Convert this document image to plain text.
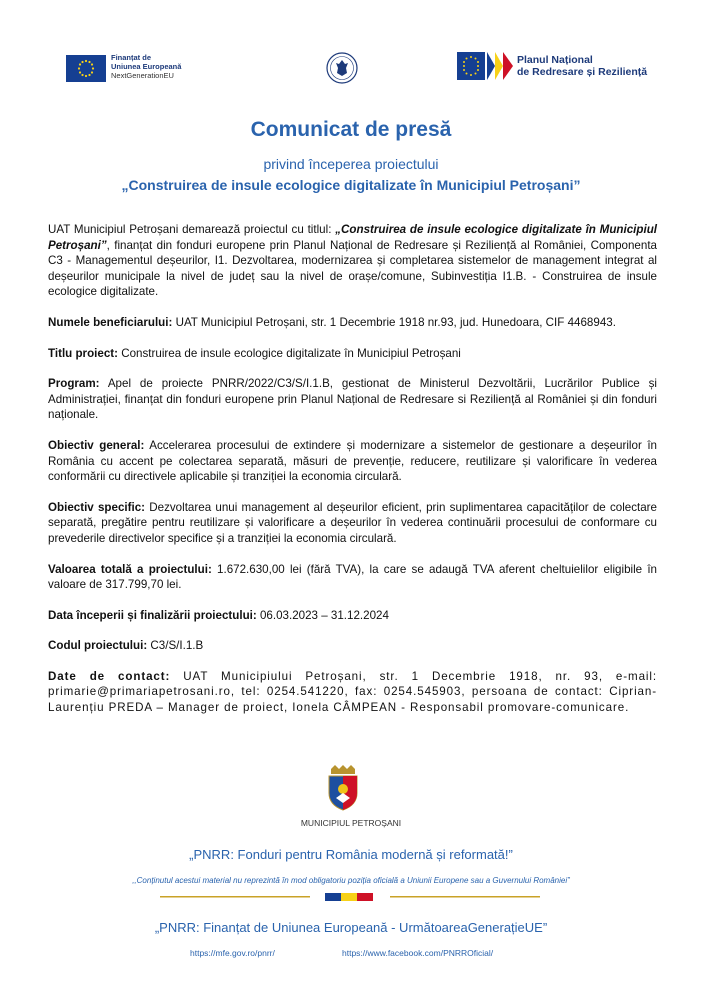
Finanțat de
Uniunea Europeană
NextGenerationEU
Planul Național
de Redresare și Reziliență
Comunicat de presă
privind începerea proiectului
„Construirea de insule ecologice digitalizate în Municipiul Petroșani”

UAT Municipiul Petroșani demarează proiectul cu titlul: „Construirea de insule ecologice digitalizate în Municipiul Petroșani”, finanțat din fonduri europene prin Planul Național de Redresare și Reziliență al României, Componenta C3 - Managementul deșeurilor, I1. Dezvoltarea, modernizarea și completarea sistemelor de management integrat al deșeurilor municipale la nivel de județ sau la nivel de orașe/comune, Subinvestiția I1.B. - Construirea de insule ecologice digitalizate.

Numele beneficiarului: UAT Municipiul Petroșani, str. 1 Decembrie 1918 nr.93, jud. Hunedoara, CIF 4468943.

Titlu proiect: Construirea de insule ecologice digitalizate în Municipiul Petroșani

Program: Apel de proiecte PNRR/2022/C3/S/I.1.B, gestionat de Ministerul Dezvoltării, Lucrărilor Publice și Administrației, finanțat din fonduri europene prin Planul Național de Redresare si Reziliență al României și din fonduri naționale.

Obiectiv general: Accelerarea procesului de extindere și modernizare a sistemelor de gestionare a deșeurilor în România cu accent pe colectarea separată, măsuri de prevenție, reducere, reutilizare și valorificare în vederea conformării cu directivele aplicabile și tranziției la economia circulară.

Obiectiv specific: Dezvoltarea unui management al deșeurilor eficient, prin suplimentarea capacităților de colectare separată, pregătire pentru reutilizare și valorificare a deșeurilor în vederea continuării procesului de conformare cu prevederile directivelor specifice și a tranziției la economia circulară.

Valoarea totală a proiectului: 1.672.630,00 lei (fără TVA), la care se adaugă TVA aferent cheltuielilor eligibile în valoare de 317.799,70 lei.

Data începerii și finalizării proiectului: 06.03.2023 – 31.12.2024

Codul proiectului: C3/S/I.1.B

Date de contact: UAT Municipiului Petroșani, str. 1 Decembrie 1918, nr. 93, e-mail: primarie@primariapetrosani.ro, tel: 0254.541220, fax: 0254.545903, persoana de contact: Ciprian-Laurențiu PREDA – Manager de proiect, Ionela CÂMPEAN - Responsabil promovare-comunicare.

MUNICIPIUL PETROȘANI
„PNRR: Fonduri pentru România modernă și reformată!”
,,Conținutul acestui material nu reprezintă în mod obligatoriu poziția oficială a Uniunii Europene sau a Guvernului României”
„PNRR: Finanțat de Uniunea Europeană - UrmătoareaGenerațieUE”
https://mfe.gov.ro/pnrr/	https://www.facebook.com/PNRROficial/
